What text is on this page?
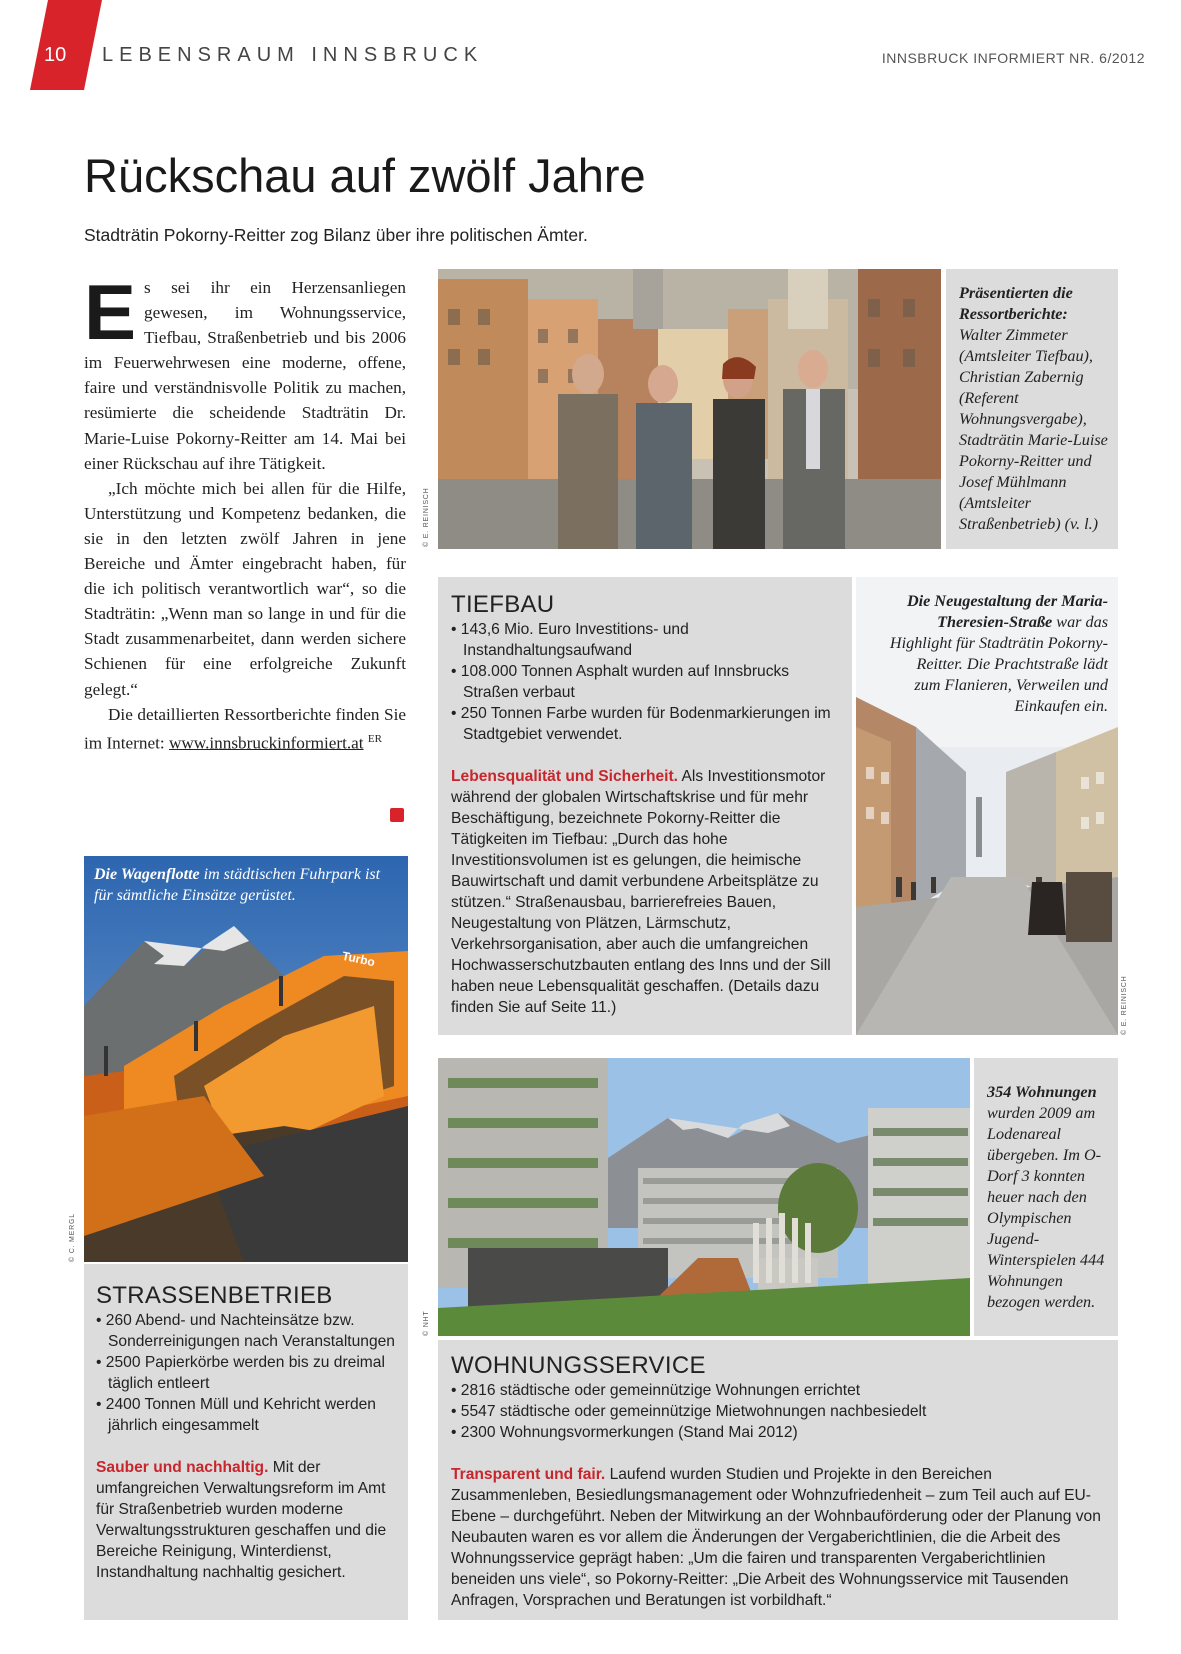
10 LEBENSRAUM INNSBRUCK	INNSBRUCK INFORMIERT NR. 6/2012
Rückschau auf zwölf Jahre
Stadträtin Pokorny-Reitter zog Bilanz über ihre politischen Ämter.

Es sei ihr ein Herzensanliegen gewesen, im Wohnungsservice, Tiefbau, Straßenbetrieb und bis 2006 im Feuerwehrwesen eine moderne, offene, faire und verständnisvolle Politik zu machen, resümierte die scheidende Stadträtin Dr. Marie-Luise Pokorny-Reitter am 14. Mai bei einer Rückschau auf ihre Tätigkeit.

„Ich möchte mich bei allen für die Hilfe, Unterstützung und Kompetenz bedanken, die sie in den letzten zwölf Jahren in jene Bereiche und Ämter eingebracht haben, für die ich politisch verantwortlich war“, so die Stadträtin: „Wenn man so lange in und für die Stadt zusammenarbeitet, dann werden sichere Schienen für eine erfolgreiche Zukunft gelegt.“

Die detaillierten Ressortberichte finden Sie im Internet: www.innsbruckinformiert.at $^{ER}$

© E. REINISCH
Präsentierten die Ressortberichte: Walter Zimmeter (Amtsleiter Tiefbau), Christian Zabernig (Referent Wohnungsvergabe), Stadträtin Marie-Luise Pokorny-Reitter und Josef Mühlmann (Amtsleiter Straßenbetrieb) (v. l.)
TIEFBAU
• 143,6 Mio. Euro Investitions- und Instandhaltungsaufwand
• 108.000 Tonnen Asphalt wurden auf Innsbrucks Straßen verbaut
• 250 Tonnen Farbe wurden für Bodenmarkierungen im Stadtgebiet verwendet.
Lebensqualität und Sicherheit. Als Investitionsmotor während der globalen Wirtschaftskrise und für mehr Beschäftigung, bezeichnete Pokorny-Reitter die Tätigkeiten im Tiefbau: „Durch das hohe Investitionsvolumen ist es gelungen, die heimische Bauwirtschaft und damit verbundene Arbeitsplätze zu stützen.“ Straßenausbau, barrierefreies Bauen, Neugestaltung von Plätzen, Lärmschutz, Verkehrsorganisation, aber auch die umfangreichen Hochwasserschutzbauten entlang des Inns und der Sill haben neue Lebensqualität geschaffen. (Details dazu finden Sie auf Seite 11.)
Die Neugestaltung der Maria-Theresien-Straße war das Highlight für Stadträtin Pokorny-Reitter. Die Prachtstraße lädt zum Flanieren, Verweilen und Einkaufen ein.
© E. REINISCH
Turbo
Die Wagenflotte im städtischen Fuhrpark ist für sämtliche Einsätze gerüstet.
© C. MERGL
STRASSENBETRIEB
• 260 Abend- und Nachteinsätze bzw. Sonderreinigungen nach Veranstaltungen
• 2500 Papierkörbe werden bis zu dreimal täglich entleert
• 2400 Tonnen Müll und Kehricht werden jährlich eingesammelt
Sauber und nachhaltig. Mit der umfangreichen Verwaltungsreform im Amt für Straßenbetrieb wurden moderne Verwaltungsstrukturen geschaffen und die Bereiche Reinigung, Winterdienst, Instandhaltung nachhaltig gesichert.
© NHT
354 Wohnungen wurden 2009 am Lodenareal übergeben. Im O-Dorf 3 konnten heuer nach den Olympischen Jugend-Winterspielen 444 Wohnungen bezogen werden.
WOHNUNGSSERVICE
• 2816 städtische oder gemeinnützige Wohnungen errichtet
• 5547 städtische oder gemeinnützige Mietwohnungen nachbesiedelt
• 2300 Wohnungsvormerkungen (Stand Mai 2012)
Transparent und fair. Laufend wurden Studien und Projekte in den Bereichen Zusammenleben, Besiedlungsmanagement oder Wohnzufriedenheit – zum Teil auch auf EU-Ebene – durchgeführt. Neben der Mitwirkung an der Wohnbauförderung oder der Planung von Neubauten waren es vor allem die Änderungen der Vergaberichtlinien, die die Arbeit des Wohnungsservice geprägt haben: „Um die fairen und transparenten Vergaberichtlinien beneiden uns viele“, so Pokorny-Reitter: „Die Arbeit des Wohnungsservice mit Tausenden Anfragen, Vorsprachen und Beratungen ist vorbildhaft.“
